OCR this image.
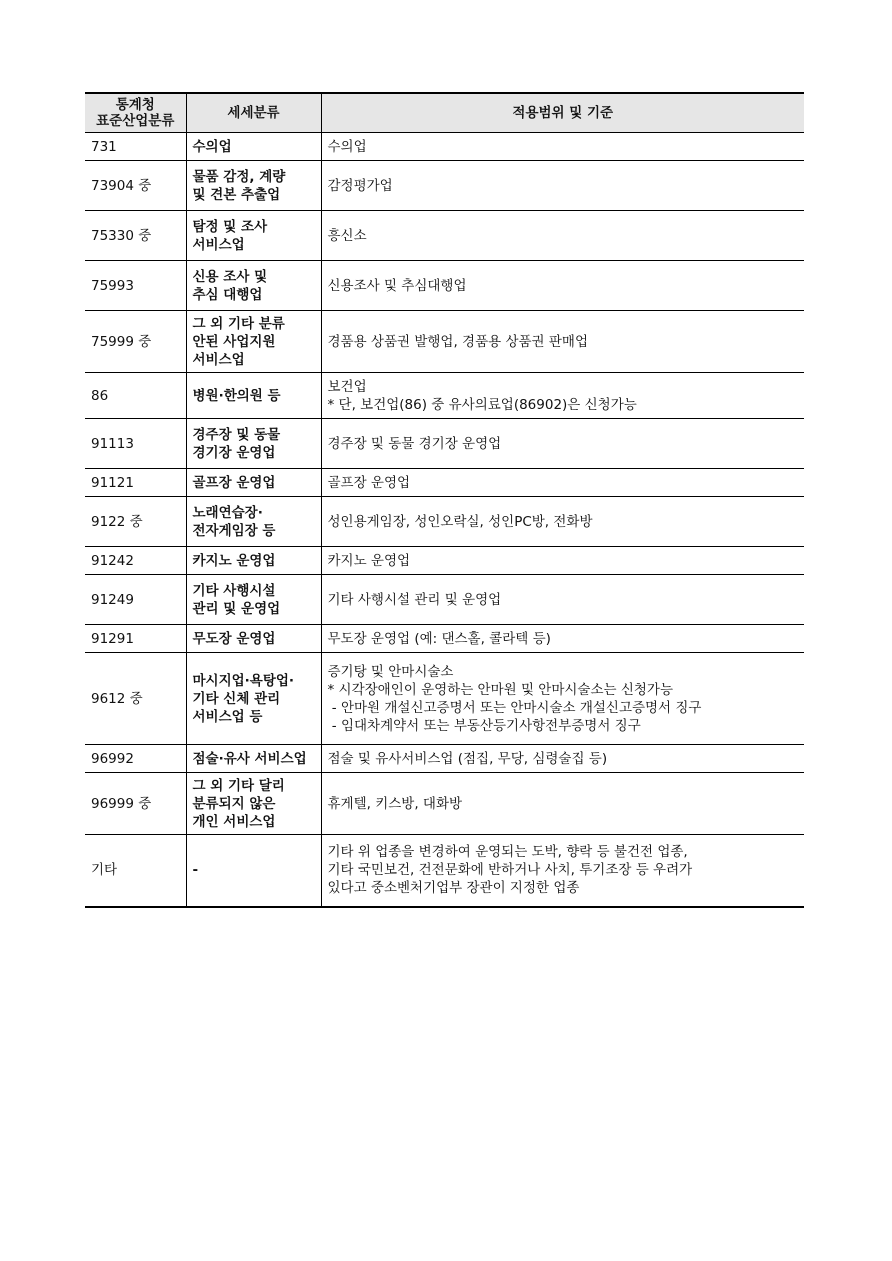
통계청
표준산업분류	세세분류	적용범위 및 기준
731	수의업	수의업

73904 중	물품 감정, 계량
및 견본 추출업	감정평가업

75330 중	탐정 및 조사
서비스업	흥신소

75993	신용 조사 및
추심 대행업	신용조사 및 추심대행업

75999 중	그 외 기타 분류
안된 사업지원
서비스업	경품용 상품권 발행업, 경품용 상품권 판매업

86	병원·한의원 등	보건업
* 단, 보건업(86) 중 유사의료업(86902)은 신청가능

91113	경주장 및 동물
경기장 운영업	경주장 및 동물 경기장 운영업

91121	골프장 운영업	골프장 운영업

9122 중	노래연습장·
전자게임장 등	성인용게임장, 성인오락실, 성인PC방, 전화방

91242	카지노 운영업	카지노 운영업

91249	기타 사행시설
관리 및 운영업	기타 사행시설 관리 및 운영업

91291	무도장 운영업	무도장 운영업 (예: 댄스홀, 콜라텍 등)

9612 중	마시지업·욕탕업·
기타 신체 관리
서비스업 등	증기탕 및 안마시술소
* 시각장애인이 운영하는 안마원 및 안마시술소는 신청가능
- 안마원 개설신고증명서 또는 안마시술소 개설신고증명서 징구
- 임대차계약서 또는 부동산등기사항전부증명서 징구

96992	점술·유사 서비스업	점술 및 유사서비스업 (점집, 무당, 심령술집 등)

96999 중	그 외 기타 달리
분류되지 않은
개인 서비스업	휴게텔, 키스방, 대화방

기타	-	기타 위 업종을 변경하여 운영되는 도박, 향락 등 불건전 업종,
기타 국민보건, 건전문화에 반하거나 사치, 투기조장 등 우려가
있다고 중소벤처기업부 장관이 지정한 업종
